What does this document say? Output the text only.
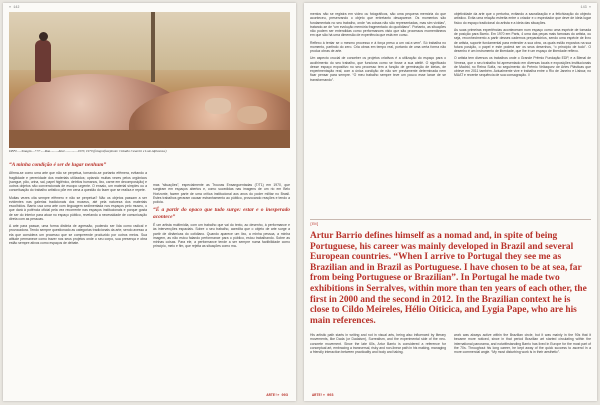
» 142
DEFI......Smagin....+3+.....Rua..........Abel................1970, 1970 (fotografias/photo: Cláudio Cesarini e Luiz Alphonsus)
“A minha condição é ser de lugar nenhum”

Afirma-se como uma arte que não se perpetua, tornando-se portanto efêmera, evitando a fragilidade e perenidade dos materiais utilizados; optando muitas vezes pelos orgânicos (sangue, pão, urina, sal, papel higiênico, detritos humanos, lixo, carne em decomposição) e outros objetos não convencionais de escopo urgente. O ensaio, um material simples ou a conceituação do trabalho artístico põe em cena a questão do fazer que se realiza e repete.

Muitas vezes cita sempre efêmero e não se perpetua? Não os objetos passam a ser evidentes nas galerias tradicionais dos museus, até pela natureza dos materiais escolhidos. Barrio usa uma arte com linguagem sedimentada nos espaços pelo museu, o que dará à potência oficial pela vez recorrente nas espaços institucionais e porque gosta de ser do interior para atuar no espaço público, revelando a necessidade de comunicação direta com as pessoas.

A arte para passar, uma forma distinta de agressão, podendo ser lida como radical e provocadora. Tendo sempre questionado as categorias tradicionais da arte, sendo avesso a ela que considera um processo que se compreende produzido por outros meios. Sua atitude permanece como trazer nos seus projetos onde o seu corpo, sua presença e obra estão sempre ativos como espaços de debate.

mas “situações”, especialmente as Trouxas Ensanguentadas (T/T1) em 1970, que surgiram em espaços abertos e, como sucedidas nas imagens de um rio em Belo Horizonte, fazem parte de uma crítica institucional aos anos do poder militar no Brasil. Estes trabalhos geraram causar estranhamento ao público, provocando reações e tendo a polícia.

“É a partir do opaco que tudo surge: estar e o inesperado acontece”

É um artista multimídia, com um trabalho que vai do texto, ao desenho, à performance e às intervenções espaciais. Sobre o seu trabalho, acredita que o objeto de arte surge a partir de dinâmicas do cotidiano. Quando aparece um lixo, a minha pessoa, a minha imagem, as não estou falando performance para o público, estou trabalhando. Sobre as minhas coisas. Para ele, a performance tende a ser sempre numa factibilidade como princípio, meio e fim, que rejeita as situações como ma-

ARTE!» 003
143 «

mentos não se registra em vídeo ou fotográficos, são uma pequena memória do que aconteceu, preservando o objeto que entretanto desaparece. Os momentos são fundamentais no seu trabalho, onde “as coisas não são representadas, mas sim vividas”, tratando-se de “um evolução memória fragmentado do quotidiano”. Portanto, as situações não podem ser entendidas como performances visto que são processos momentâneos em que são há uma dimensão de experiência que está em curso.

Reflexo à tentar se o mesmo processo e à força preso a um vai-e-vem”. Só trabalha no momento, partindo do zero. Cria obras em tempo real, portanto de uma certa forma não produz obras de arte.

Um aspecto crucial de conceber os projetos criativos é a utilização do espaço para o acolhimento do seu trabalho, que funciona como se fosse a sua ateliê. O significado desse espaço expositivo no seu processo tem a função de germinação de ideias, de experimentação real, com a única condição de não ser previamente determinada nem ficar pensar para sempre. “O meu trabalho sempre teve um pouco esse lance de se transformando”.

objetividade da arte que o perturba, evitando a sacralização e a fetichização do objecto artístico. Evita uma relação estreita entre o criador e o espectador que deve de ideia lugar físico do espaço tradicional do artista e a ideia das situações.

As suas primeiras experiências aconteceram num espaço como uma espécie de tomada de posição para Barrio. Em 1970 em Paris, 4 uma das peças mais famosas do artista, ou seja, reconhecimento a partir desses cadernos preparatórios, sendo uma espécie de livro de artista, suporte fundamental para entender a sua obra, os quais estão expostos na sua futura posição, o papel e este poderá ser os seus desenhos, “o princípio de tudo”. O desenho é um instrumento de liberdade, que lhe é um espaço de liberdade reflexo.

O artista tem diversos os trabalhos onde o Grande Prêmio Fundação EDP, e a Bienal de Veneza, que o seu trabalho foi apresentado em diversas locais e exposições institucionais de Madrid, no Reina Sofía, no seguimento do Prémio Velázquez de Artes Plásticas que obteve em 2011 também. Actualmente vive e trabalha entre o Rio de Janeiro e Lisboa; no MAAT e recente sequência de sua consagração. //

[EN]
Artur Barrio defines himself as a nomad and, in spite of being Portuguese, his career was mainly developed in Brazil and several European countries. “When I arrive to Portugal they see me as Brazilian and in Brazil as Portuguese. I have chosen to be at sea, far from being Portuguese or Brazilian”. In Portugal he made two exhibitions in Serralves, within more than ten years of each other, the first in 2000 and the second in 2012. In the Brazilian context he is close to Cildo Meireles, Hélio Oiticica, and Lygia Pape, who are his main references.

His artistic path starts in writing and not in visual arts, being also influenced by literary movements, like Dada (or Dadaism), Surrealism, and the experimental side of the neo-concrete movement. Since the late 60s, Artur Barrio is considered a reference for conceptual art, embracing a transversal, risky and non-linear path in his making, managing a friendly interaction between practicality and body and taking.

work was always active within the Brazilian circle, but it was mainly in the 90s that it became more noticed, since in that period Brazilian art started circulating within the international panorama, and notwithstanding Barrio has lived in Europe for the most part of the 70s. Throughout his long career, he kept away of the quick success to ascend in a more commercial angle. “My most disturbing work is in their aesthetic”.

ARTE!» 003
